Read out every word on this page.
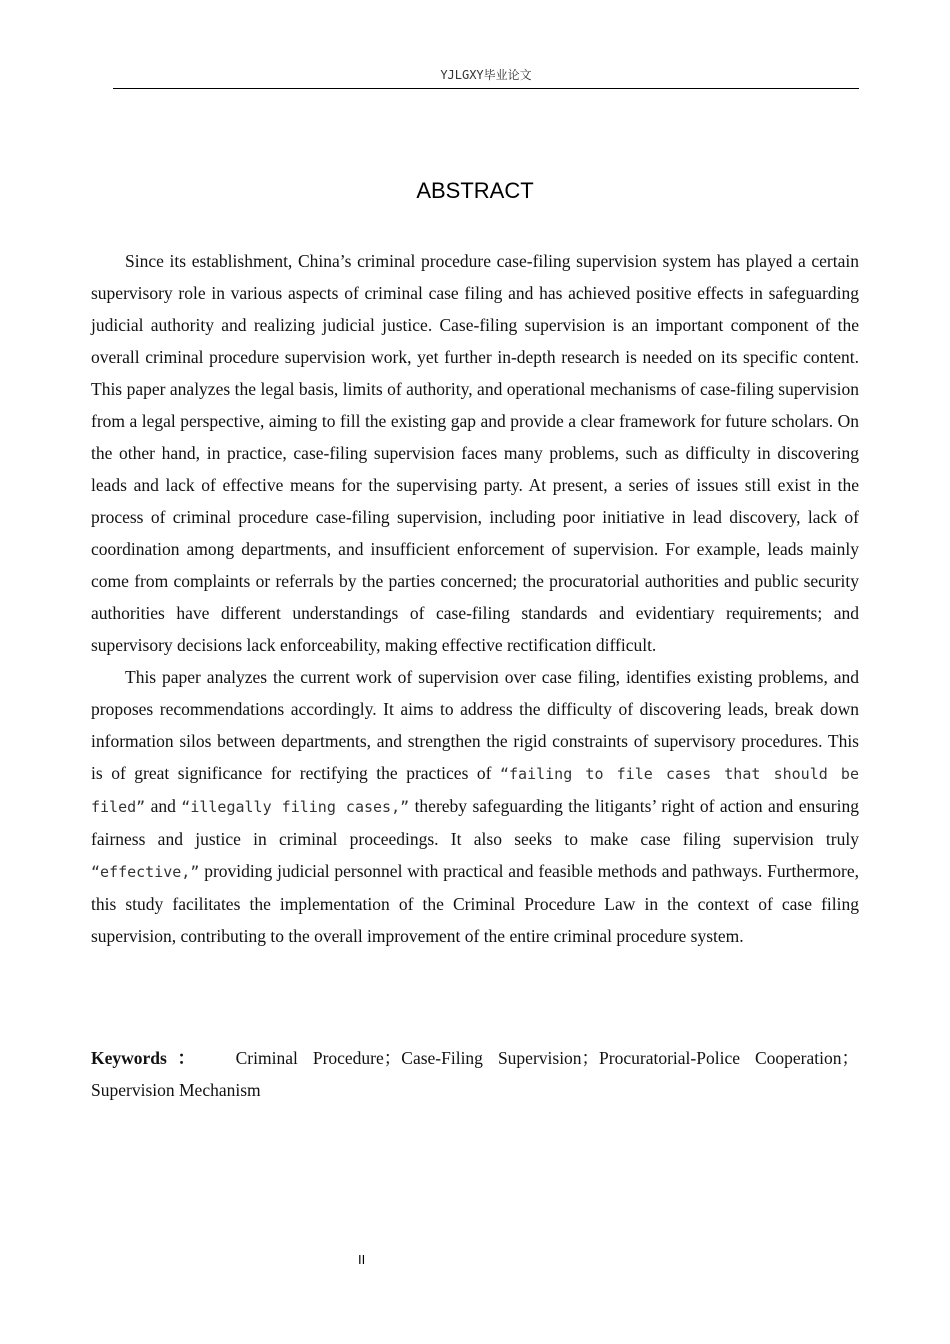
YJLGXY毕业论文
ABSTRACT

Since its establishment, China’s criminal procedure case-filing supervision system has played a certain supervisory role in various aspects of criminal case filing and has achieved positive effects in safeguarding judicial authority and realizing judicial justice. Case-filing supervision is an important component of the overall criminal procedure supervision work, yet further in-depth research is needed on its specific content. This paper analyzes the legal basis, limits of authority, and operational mechanisms of case-filing supervision from a legal perspective, aiming to fill the existing gap and provide a clear framework for future scholars. On the other hand, in practice, case-filing supervision faces many problems, such as difficulty in discovering leads and lack of effective means for the supervising party. At present, a series of issues still exist in the process of criminal procedure case-filing supervision, including poor initiative in lead discovery, lack of coordination among departments, and insufficient enforcement of supervision. For example, leads mainly come from complaints or referrals by the parties concerned; the procuratorial authorities and public security authorities have different understandings of case-filing standards and evidentiary requirements; and supervisory decisions lack enforceability, making effective rectification difficult.

This paper analyzes the current work of supervision over case filing, identifies existing problems, and proposes recommendations accordingly. It aims to address the difficulty of discovering leads, break down information silos between departments, and strengthen the rigid constraints of supervisory procedures. This is of great significance for rectifying the practices of “failing to file cases that should be filed” and “illegally filing cases,” thereby safeguarding the litigants’ right of action and ensuring fairness and justice in criminal proceedings. It also seeks to make case filing supervision truly “effective,” providing judicial personnel with practical and feasible methods and pathways. Furthermore, this study facilitates the implementation of the Criminal Procedure Law in the context of case filing supervision, contributing to the overall improvement of the entire criminal procedure system.

Keywords： Criminal Procedure；Case-Filing Supervision；Procuratorial-Police Cooperation；Supervision Mechanism
II
